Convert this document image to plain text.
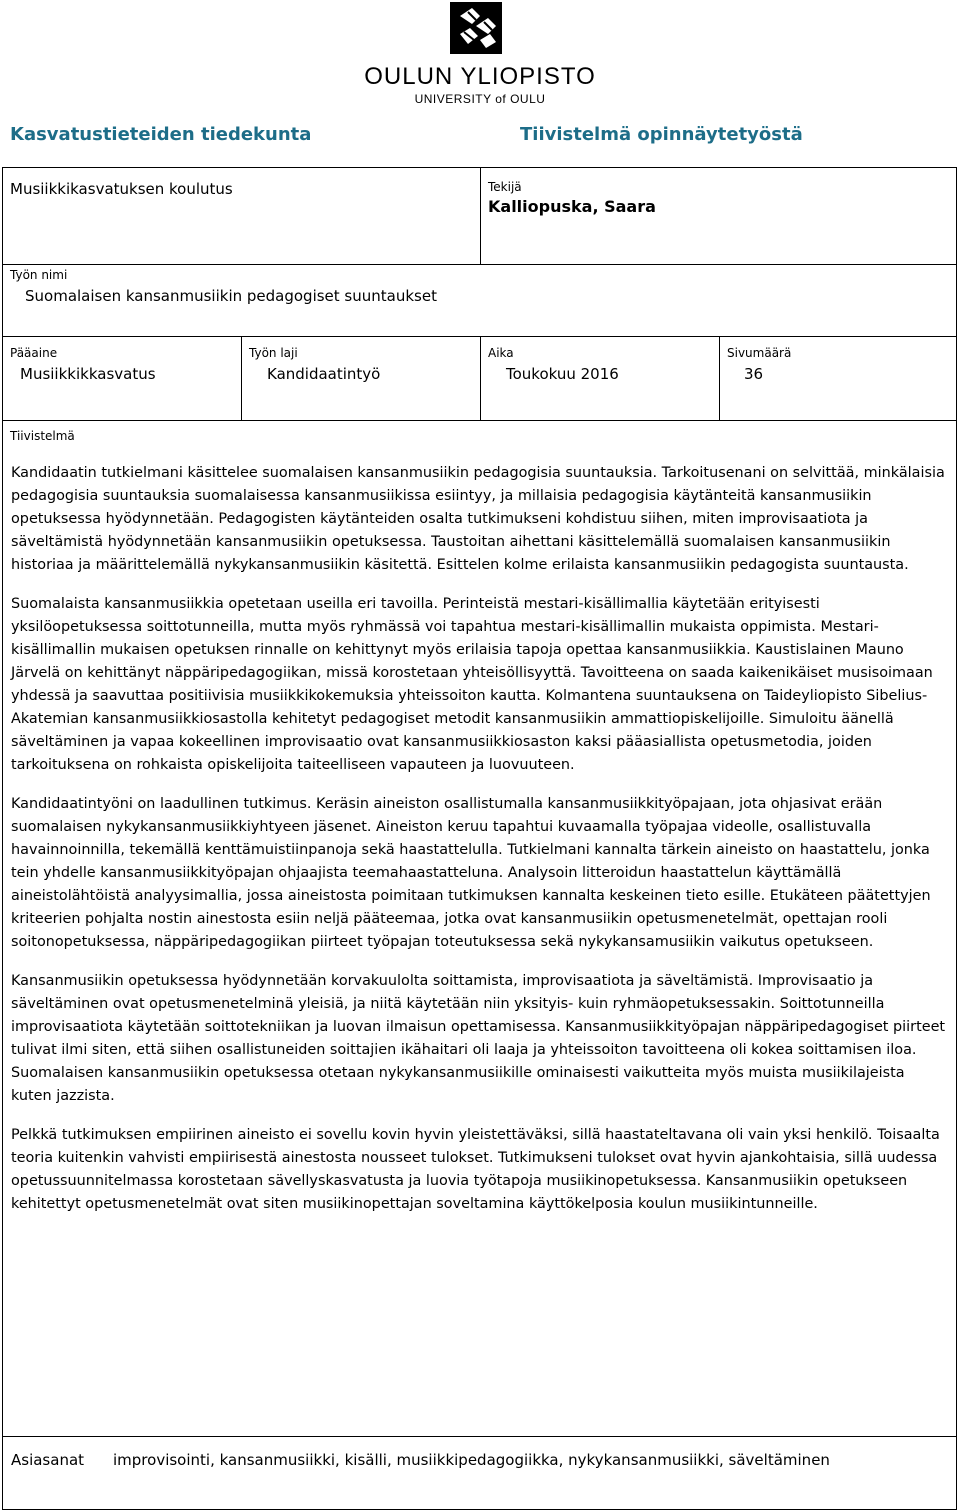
OULUN YLIOPISTO
UNIVERSITY of OULU
Kasvatustieteiden tiedekunta	Tiivistelmä opinnäytetyöstä
Musiikkikasvatuksen koulutus	Tekijä
Kalliopuska, Saara
Työn nimi
Suomalaisen kansanmusiikin pedagogiset suuntaukset
Pääaine
Musiikkikkasvatus
Työn laji
Kandidaatintyö
Aika
Toukokuu 2016
Sivumäärä
36
Tiivistelmä

Kandidaatin tutkielmani käsittelee suomalaisen kansanmusiikin pedagogisia suuntauksia. Tarkoitusenani on selvittää, minkälaisia pedagogisia suuntauksia suomalaisessa kansanmusiikissa esiintyy, ja millaisia pedagogisia käytänteitä kansanmusiikin opetuksessa hyödynnetään. Pedagogisten käytänteiden osalta tutkimukseni kohdistuu siihen, miten improvisaatiota ja säveltämistä hyödynnetään kansanmusiikin opetuksessa. Taustoitan aihettani käsittelemällä suomalaisen kansanmusiikin historiaa ja määrittelemällä nykykansanmusiikin käsitettä. Esittelen kolme erilaista kansanmusiikin pedagogista suuntausta.

Suomalaista kansanmusiikkia opetetaan useilla eri tavoilla. Perinteistä mestari-kisällimallia käytetään erityisesti yksilöopetuksessa soittotunneilla, mutta myös ryhmässä voi tapahtua mestari-kisällimallin mukaista oppimista. Mestari-kisällimallin mukaisen opetuksen rinnalle on kehittynyt myös erilaisia tapoja opettaa kansanmusiikkia. Kaustislainen Mauno Järvelä on kehittänyt näppäripedagogiikan, missä korostetaan yhteisöllisyyttä. Tavoitteena on saada kaikenikäiset musisoimaan yhdessä ja saavuttaa positiivisia musiikkikokemuksia yhteissoiton kautta. Kolmantena suuntauksena on Taideyliopisto Sibelius-Akatemian kansanmusiikkiosastolla kehitetyt pedagogiset metodit kansanmusiikin ammattiopiskelijoille. Simuloitu äänellä säveltäminen ja vapaa kokeellinen improvisaatio ovat kansanmusiikkiosaston kaksi pääasiallista opetusmetodia, joiden tarkoituksena on rohkaista opiskelijoita taiteelliseen vapauteen ja luovuuteen.

Kandidaatintyöni on laadullinen tutkimus. Keräsin aineiston osallistumalla kansanmusiikkityöpajaan, jota ohjasivat erään suomalaisen nykykansanmusiikkiyhtyeen jäsenet. Aineiston keruu tapahtui kuvaamalla työpajaa videolle, osallistuvalla havainnoinnilla, tekemällä kenttämuistiinpanoja sekä haastattelulla. Tutkielmani kannalta tärkein aineisto on haastattelu, jonka tein yhdelle kansanmusiikkityöpajan ohjaajista teemahaastatteluna. Analysoin litteroidun haastattelun käyttämällä aineistolähtöistä analyysimallia, jossa aineistosta poimitaan tutkimuksen kannalta keskeinen tieto esille. Etukäteen päätettyjen kriteerien pohjalta nostin ainestosta esiin neljä pääteemaa, jotka ovat kansanmusiikin opetusmenetelmät, opettajan rooli soitonopetuksessa, näppäripedagogiikan piirteet työpajan toteutuksessa sekä nykykansamusiikin vaikutus opetukseen.

Kansanmusiikin opetuksessa hyödynnetään korvakuulolta soittamista, improvisaatiota ja säveltämistä. Improvisaatio ja säveltäminen ovat opetusmenetelminä yleisiä, ja niitä käytetään niin yksityis- kuin ryhmäopetuksessakin. Soittotunneilla improvisaatiota käytetään soittotekniikan ja luovan ilmaisun opettamisessa. Kansanmusiikkityöpajan näppäripedagogiset piirteet tulivat ilmi siten, että siihen osallistuneiden soittajien ikähaitari oli laaja ja yhteissoiton tavoitteena oli kokea soittamisen iloa. Suomalaisen kansanmusiikin opetuksessa otetaan nykykansanmusiikille ominaisesti vaikutteita myös muista musiikilajeista kuten jazzista.

Pelkkä tutkimuksen empiirinen aineisto ei sovellu kovin hyvin yleistettäväksi, sillä haastateltavana oli vain yksi henkilö. Toisaalta teoria kuitenkin vahvisti empiirisestä ainestosta nousseet tulokset. Tutkimukseni tulokset ovat hyvin ajankohtaisia, sillä uudessa opetussuunnitelmassa korostetaan sävellyskasvatusta ja luovia työtapoja musiikinopetuksessa. Kansanmusiikin opetukseen kehitettyt opetusmenetelmät ovat siten musiikinopettajan soveltamina käyttökelposia koulun musiikintunneille.

Asiasanat improvisointi, kansanmusiikki, kisälli, musiikkipedagogiikka, nykykansanmusiikki, säveltäminen
